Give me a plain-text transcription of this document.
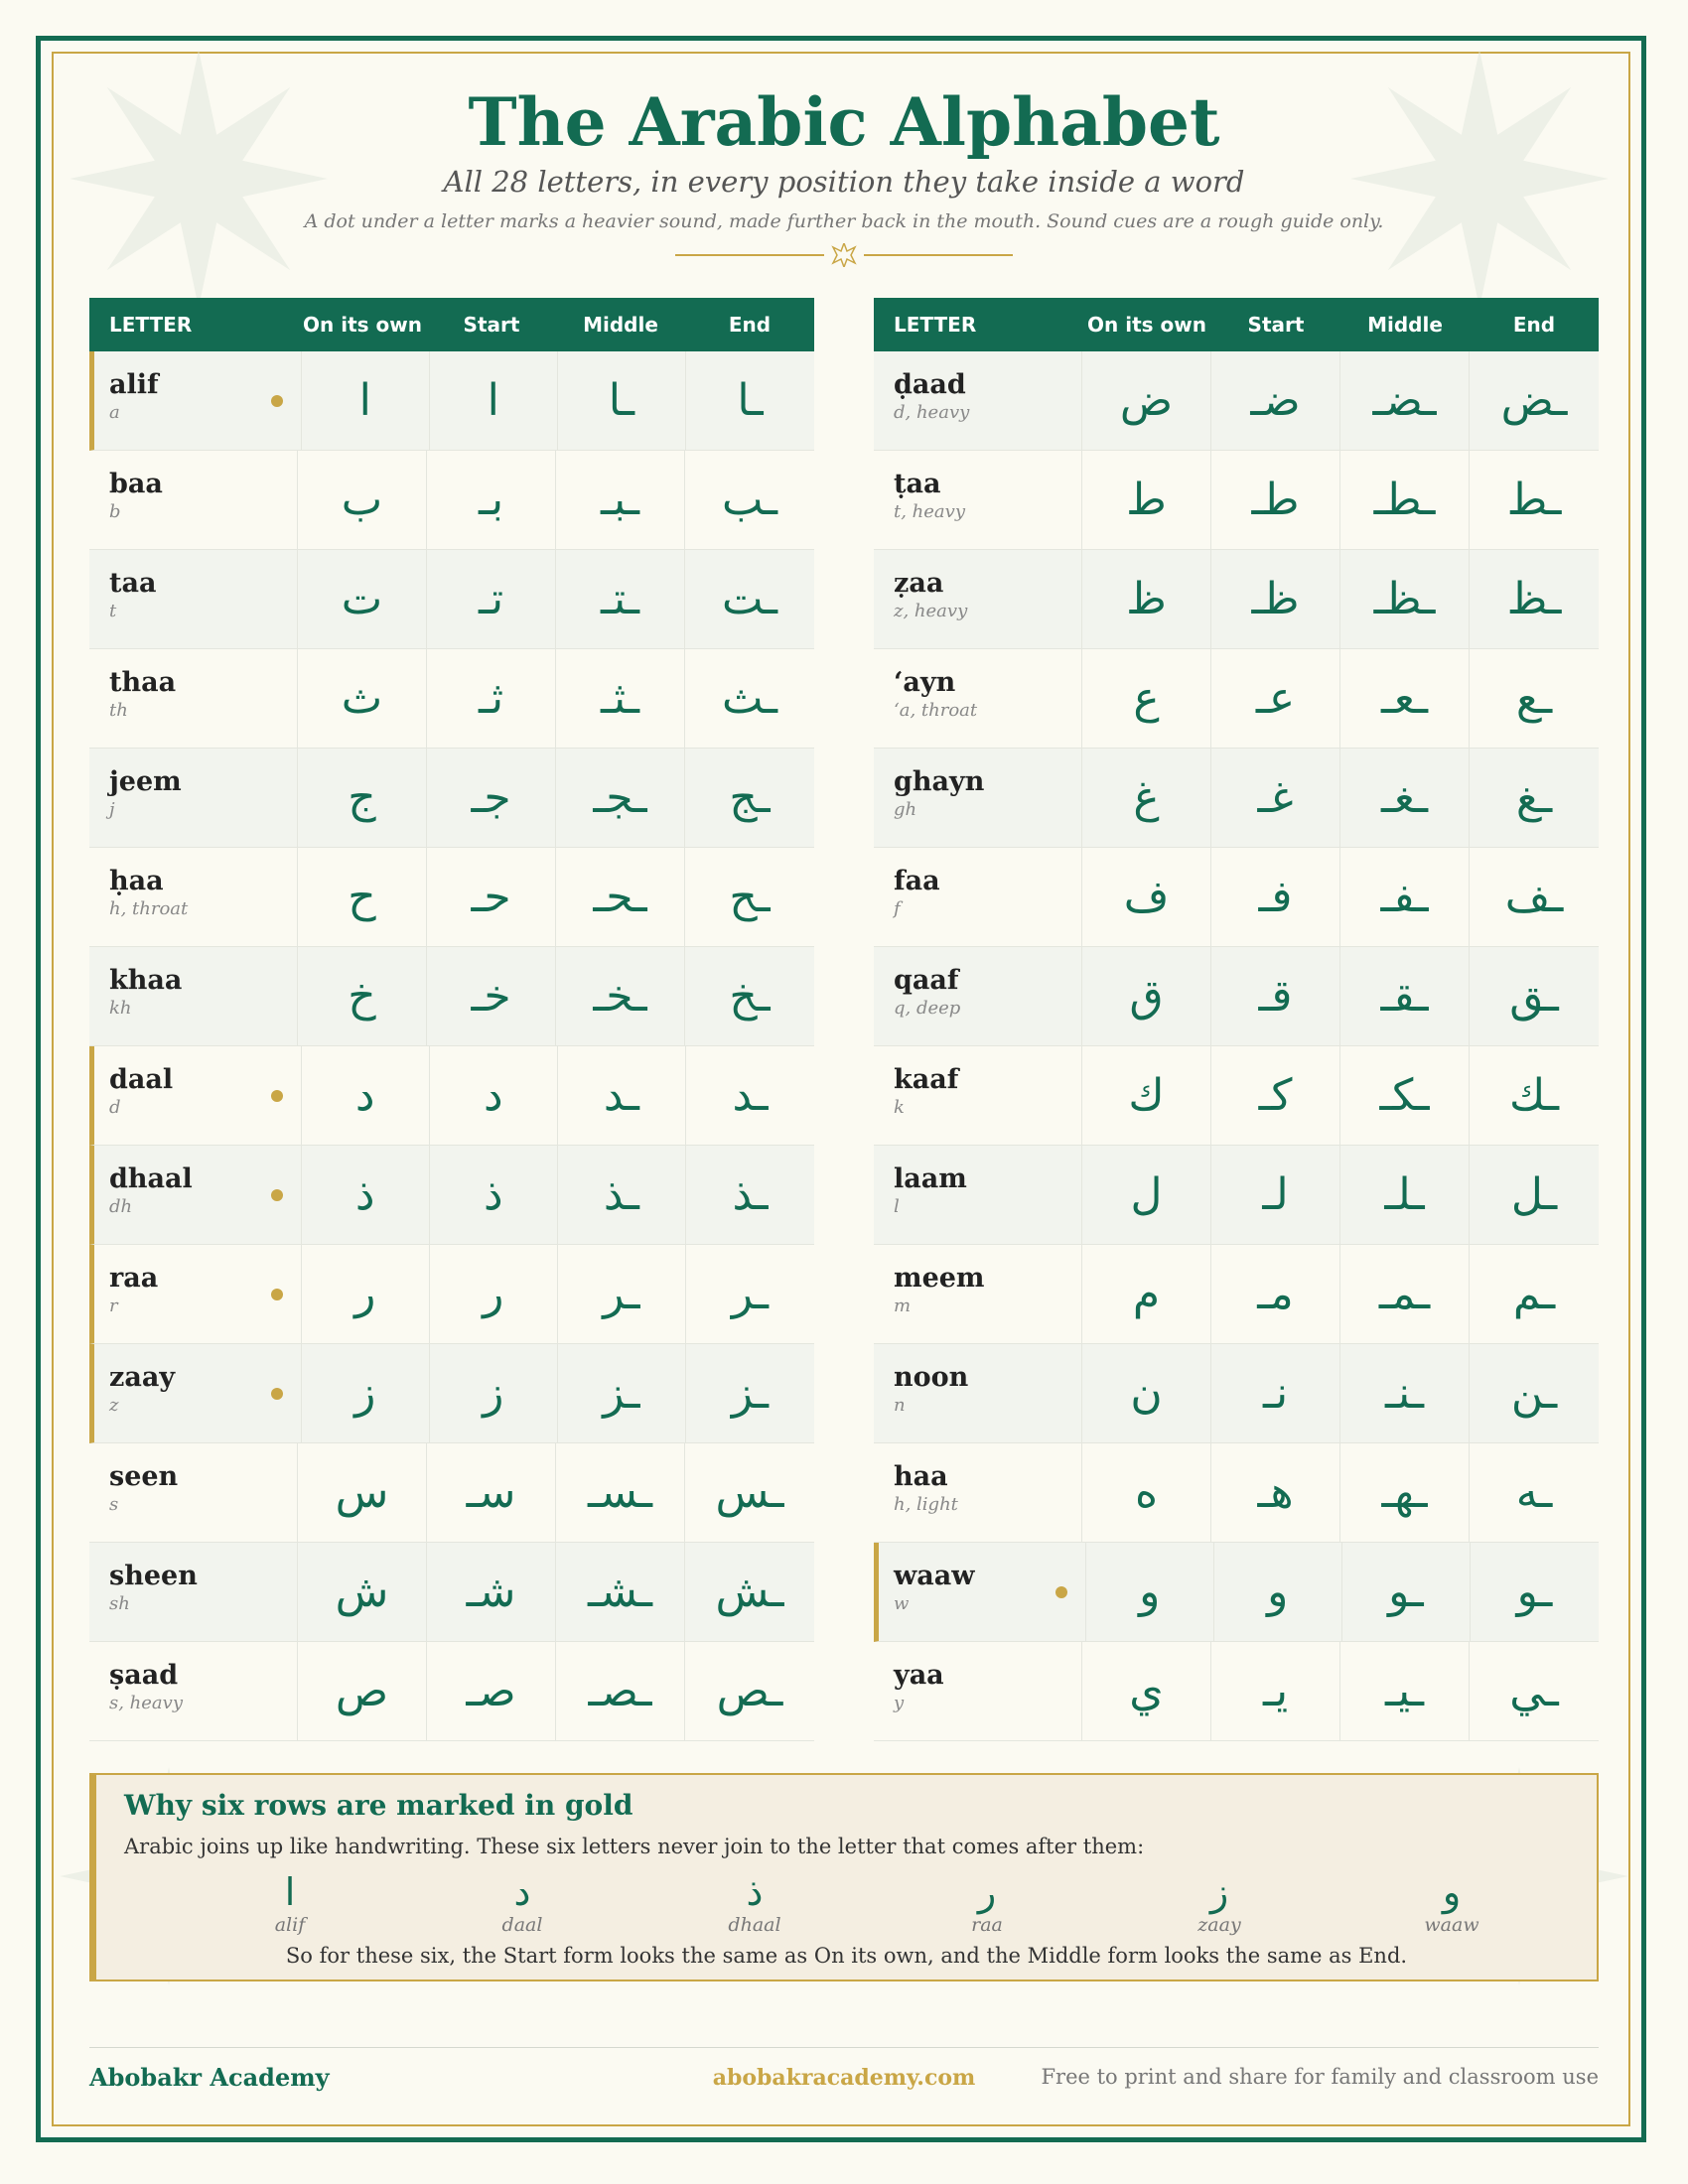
The Arabic Alphabet
All 28 letters, in every position they take inside a word
A dot under a letter marks a heavier sound, made further back in the mouth. Sound cues are a rough guide only.
LETTER	On its own	Start	Middle	End
alif
a	ا	ا	ـا	ـا
baa
b	ب	بـ	ـبـ	ـب
taa
t	ت	تـ	ـتـ	ـت
thaa
th	ث	ثـ	ـثـ	ـث
jeem
j	ج	جـ	ـجـ	ـج
ḥaa
h, throat	ح	حـ	ـحـ	ـح
khaa
kh	خ	خـ	ـخـ	ـخ
daal
d	د	د	ـد	ـد
dhaal
dh	ذ	ذ	ـذ	ـذ
raa
r	ر	ر	ـر	ـر
zaay
z	ز	ز	ـز	ـز
seen
s	س	سـ	ـسـ	ـس
sheen
sh	ش	شـ	ـشـ	ـش
ṣaad
s, heavy	ص	صـ	ـصـ	ـص
LETTER	On its own	Start	Middle	End
ḍaad
d, heavy	ض	ضـ	ـضـ	ـض
ṭaa
t, heavy	ط	طـ	ـطـ	ـط
ẓaa
z, heavy	ظ	ظـ	ـظـ	ـظ
‘ayn
‘a, throat	ع	عـ	ـعـ	ـع
ghayn
gh	غ	غـ	ـغـ	ـغ
faa
f	ف	فـ	ـفـ	ـف
qaaf
q, deep	ق	قـ	ـقـ	ـق
kaaf
k	ك	كـ	ـكـ	ـك
laam
l	ل	لـ	ـلـ	ـل
meem
m	م	مـ	ـمـ	ـم
noon
n	ن	نـ	ـنـ	ـن
haa
h, light	ه	هـ	ـهـ	ـه
waaw
w	و	و	ـو	ـو
yaa
y	ي	يـ	ـيـ	ـي
Why six rows are marked in gold
Arabic joins up like handwriting. These six letters never join to the letter that comes after them:
ا
alif
د
daal
ذ
dhaal
ر
raa
ز
zaay
و
waaw
So for these six, the Start form looks the same as On its own, and the Middle form looks the same as End.
Abobakr Academy	abobakracademy.com	Free to print and share for family and classroom use
